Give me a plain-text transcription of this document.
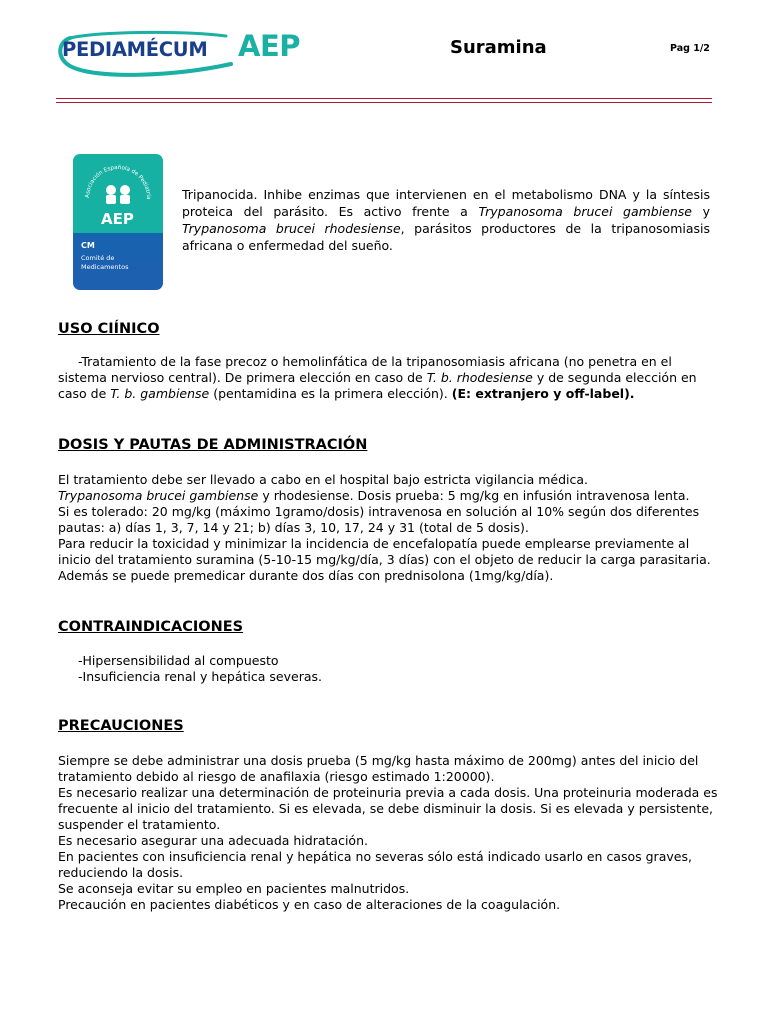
PEDIAMÉCUM AEP	Suramina	Pag 1/2
Asociación Española de Pediatría
AEP
CM
Comité de Medicamentos
Tripanocida. Inhibe enzimas que intervienen en el metabolismo DNA y la síntesis proteica del parásito. Es activo frente a Trypanosoma brucei gambiense y Trypanosoma brucei rhodesiense, parásitos productores de la tripanosomiasis africana o enfermedad del sueño.
USO CIÍNICO

-Tratamiento de la fase precoz o hemolinfática de la tripanosomiasis africana (no penetra en el sistema nervioso central). De primera elección en caso de T. b. rhodesiense y de segunda elección en caso de T. b. gambiense (pentamidina es la primera elección). (E: extranjero y off-label).

DOSIS Y PAUTAS DE ADMINISTRACIÓN

El tratamiento debe ser llevado a cabo en el hospital bajo estricta vigilancia médica.

Trypanosoma brucei gambiense y rhodesiense. Dosis prueba: 5 mg/kg en infusión intravenosa lenta.

Si es tolerado: 20 mg/kg (máximo 1gramo/dosis) intravenosa en solución al 10% según dos diferentes pautas: a) días 1, 3, 7, 14 y 21; b) días 3, 10, 17, 24 y 31 (total de 5 dosis).

Para reducir la toxicidad y minimizar la incidencia de encefalopatía puede emplearse previamente al inicio del tratamiento suramina (5-10-15 mg/kg/día, 3 días) con el objeto de reducir la carga parasitaria. Además se puede premedicar durante dos días con prednisolona (1mg/kg/día).

CONTRAINDICACIONES

-Hipersensibilidad al compuesto

-Insuficiencia renal y hepática severas.

PRECAUCIONES

Siempre se debe administrar una dosis prueba (5 mg/kg hasta máximo de 200mg) antes del inicio del tratamiento debido al riesgo de anafilaxia (riesgo estimado 1:20000).

Es necesario realizar una determinación de proteinuria previa a cada dosis. Una proteinuria moderada es frecuente al inicio del tratamiento. Si es elevada, se debe disminuir la dosis. Si es elevada y persistente, suspender el tratamiento.

Es necesario asegurar una adecuada hidratación.

En pacientes con insuficiencia renal y hepática no severas sólo está indicado usarlo en casos graves, reduciendo la dosis.

Se aconseja evitar su empleo en pacientes malnutridos.

Precaución en pacientes diabéticos y en caso de alteraciones de la coagulación.
